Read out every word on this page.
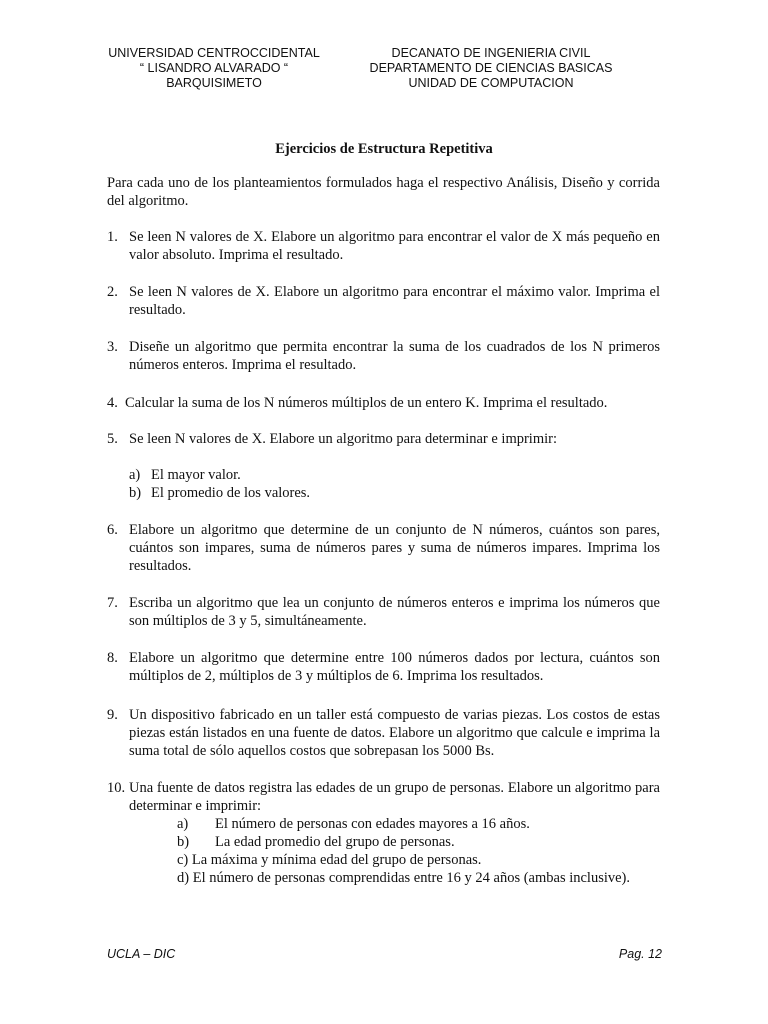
UNIVERSIDAD CENTROCCIDENTAL
“ LISANDRO ALVARADO “
BARQUISIMETO
DECANATO DE INGENIERIA CIVIL
DEPARTAMENTO DE CIENCIAS BASICAS
UNIDAD DE COMPUTACION
Ejercicios de Estructura Repetitiva
Para cada uno de los planteamientos formulados haga el respectivo Análisis, Diseño y corrida del algoritmo.
1. Se leen N valores de X. Elabore un algoritmo para encontrar el valor de X más pequeño en valor absoluto. Imprima el resultado.
2. Se leen N valores de X. Elabore un algoritmo para encontrar el máximo valor. Imprima el resultado.
3. Diseñe un algoritmo que permita encontrar la suma de los cuadrados de los N primeros números enteros. Imprima el resultado.
4. Calcular la suma de los N números múltiplos de un entero K. Imprima el resultado.
5. Se leen N valores de X. Elabore un algoritmo para determinar e imprimir:
a) El mayor valor.
b) El promedio de los valores.
6. Elabore un algoritmo que determine de un conjunto de N números, cuántos son pares, cuántos son impares, suma de números pares y suma de números impares. Imprima los resultados.
7. Escriba un algoritmo que lea un conjunto de números enteros e imprima los números que son múltiplos de 3 y 5, simultáneamente.
8. Elabore un algoritmo que determine entre 100 números dados por lectura, cuántos son múltiplos de 2, múltiplos de 3 y múltiplos de 6. Imprima los resultados.
9. Un dispositivo fabricado en un taller está compuesto de varias piezas. Los costos de estas piezas están listados en una fuente de datos. Elabore un algoritmo que calcule e imprima la suma total de sólo aquellos costos que sobrepasan los 5000 Bs.
10. Una fuente de datos registra las edades de un grupo de personas. Elabore un algoritmo para determinar e imprimir:
a) El número de personas con edades mayores a 16 años.
b) La edad promedio del grupo de personas.
c) La máxima y mínima edad del grupo de personas.
d) El número de personas comprendidas entre 16 y 24 años (ambas inclusive).
UCLA – DIC	Pag. 12
